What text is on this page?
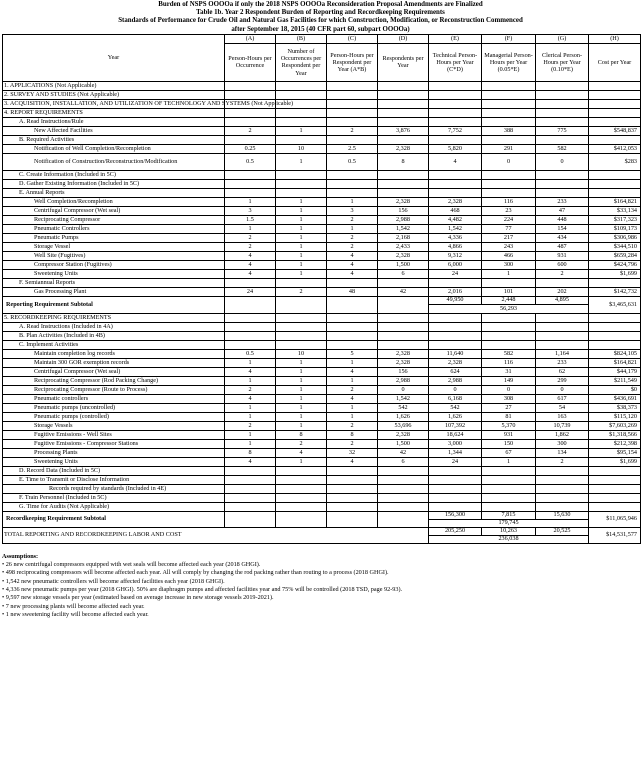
Burden of NSPS OOOOa if only the 2018 NSPS OOOOa Reconsideration Proposal Amendments are Finalized
Table 1b. Year 2 Respondent Burden of Reporting and Recordkeeping Requirements
Standards of Performance for Crude Oil and Natural Gas Facilities for which Construction, Modification, or Reconstruction Commenced
after September 18, 2015 (40 CFR part 60, subpart OOOOa)
Year	(A)	(B)	(C)	(D)	(E)	(F)	(G)	(H)
	Person-Hours per Occurrence	Number of Occurrences per Respondent per Year	Person-Hours per Respondent per Year (A*B)	Respondents per Year	Technical Person-Hours per Year (C*D)	Managerial Person-Hours per Year (0.05*E)	Clerical Person-Hours per Year (0.10*E)	Cost per Year
1. APPLICATIONS (Not Applicable)								
2. SURVEY AND STUDIES (Not Applicable)								
3. ACQUISITION, INSTALLATION, AND UTILIZATION OF TECHNOLOGY AND SYSTEMS (Not Applicable)								
4. REPORT REQUIREMENTS								
A. Read Instructions/Rule								
New Affected Facilities	2	1	2	3,876	7,752	388	775	$548,837
B. Required Activities								
Notification of Well Completion/Recompletion	0.25	10	2.5	2,328	5,820	291	582	$412,053
Notification of Construction/Reconstruction/Modification	0.5	1	0.5	8	4	0	0	$283
C. Create Information (Included in 5C)								
D. Gather Existing Information (Included in 5C)								
E. Annual Reports								
Well Completion/Recompletion	1	1	1	2,328	2,328	116	233	$164,821
Centrifugal Compressor (Wet seal)	3	1	3	156	468	23	47	$33,134
Reciprocating Compressor	1.5	1	2	2,988	4,482	224	448	$317,323
Pneumatic Controllers	1	1	1	1,542	1,542	77	154	$109,173
Pneumatic Pumps	2	1	2	2,168	4,336	217	434	$306,986
Storage Vessel	2	1	2	2,433	4,866	243	487	$344,510
Well Site (Fugitives)	4	1	4	2,328	9,312	466	931	$659,284
Compressor Station (Fugitives)	4	1	4	1,500	6,000	300	600	$424,796
Sweetening Units	4	1	4	6	24	1	2	$1,699
F. Semiannual Reports								
Gas Processing Plant	24	2	48	42	2,016	101	202	$142,732
Reporting Requirement Subtotal					49,950	2,448	4,895	$3,465,631
					56,293			
5. RECORDKEEPING REQUIREMENTS								
A. Read Instructions (Included in 4A)								
B. Plan Activities (Included in 4B)								
C. Implement Activities								
Maintain completion log records	0.5	10	5	2,328	11,640	582	1,164	$824,105
Maintain 300 GOR exemption records	1	1	1	2,328	2,328	116	233	$164,821
Centrifugal Compressor (Wet seal)	4	1	4	156	624	31	62	$44,179
Reciprocating Compressor (Rod Packing Change)	1	1	1	2,988	2,988	149	299	$211,549
Reciprocating Compressor (Route to Process)	2	1	2	0	0	0	0	$0
Pneumatic controllers	4	1	4	1,542	6,168	308	617	$436,691
Pneumatic pumps (uncontrolled)	1	1	1	542	542	27	54	$38,373
Pneumatic pumps (controlled)	1	1	1	1,626	1,626	81	163	$115,120
Storage Vessels	2	1	2	53,696	107,392	5,370	10,739	$7,603,269
Fugitive Emissions - Well Sites	1	8	8	2,328	18,624	931	1,862	$1,318,566
Fugitive Emissions - Compressor Stations	1	2	2	1,500	3,000	150	300	$212,398
Processing Plants	8	4	32	42	1,344	67	134	$95,154
Sweetening Units	4	1	4	6	24	1	2	$1,699
D. Record Data (Included in 5C)								
E. Time to Transmit or Disclose Information								
Records required by standards (Included in 4E)								
F. Train Personnel (Included in 5C)								
G. Time for Audits (Not Applicable)								
Recordkeeping Requirement Subtotal					156,300	7,815	15,630	$11,065,946
					179,745			
TOTAL REPORTING AND RECORDKEEPING LABOR AND COST					205,250	10,263	20,525	$14,531,577
					236,038			
Assumptions:
• 26 new centrifugal compressors equipped with wet seals will become affected each year (2018 GHGI).
• 498 reciprocating compressors will become affected each year. All will comply by changing the rod packing rather than routing to a process (2018 GHGI).
• 1,542 new pneumatic controllers will become affected facilities each year (2018 GHGI).
• 4,336 new pneumatic pumps per year (2018 GHGI). 50% are diaphragm pumps and affected facilities year and 75% will be controlled (2018 TSD, page 92-93).
• 9,597 new storage vessels per year (estimated based on average increase in new storage vessels 2019-2021).
• 7 new processing plants will become affected each year.
• 1 new sweetening facility will become affected each year.
